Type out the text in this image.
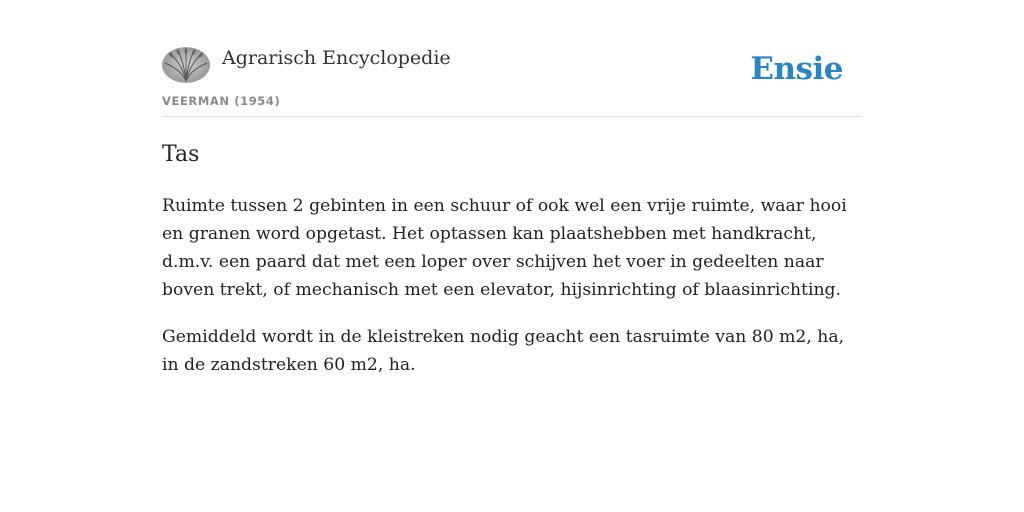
Agrarisch Encyclopedie
VEERMAN (1954)
Ensie
Tas

Ruimte tussen 2 gebinten in een schuur of ook wel een vrije ruimte, waar hooi en granen word opgetast. Het optassen kan plaatshebben met handkracht, d.m.v. een paard dat met een loper over schijven het voer in gedeelten naar boven trekt, of mechanisch met een elevator, hijsinrichting of blaasinrichting.

Gemiddeld wordt in de kleistreken nodig geacht een tasruimte van 80 m2, ha, in de zandstreken 60 m2, ha.
